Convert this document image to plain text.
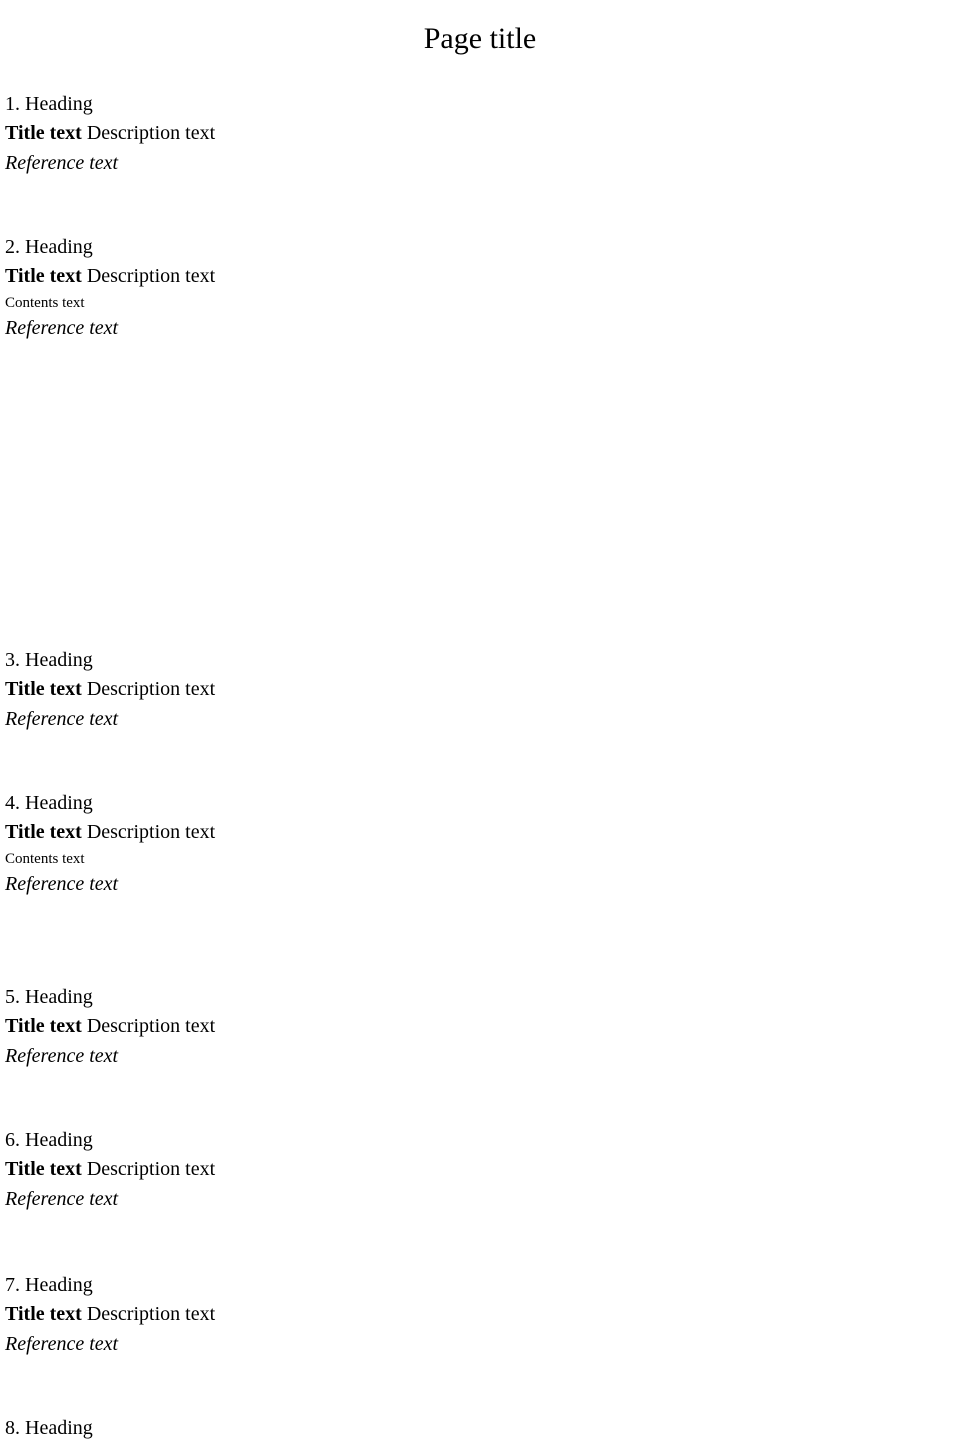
Page title
1. Heading
Title text Description text
Reference text
2. Heading
Title text Description text
Contents text
Reference text
3. Heading
Title text Description text
Reference text
4. Heading
Title text Description text
Contents text
Reference text
5. Heading
Title text Description text
Reference text
6. Heading
Title text Description text
Reference text
7. Heading
Title text Description text
Reference text
8. Heading
